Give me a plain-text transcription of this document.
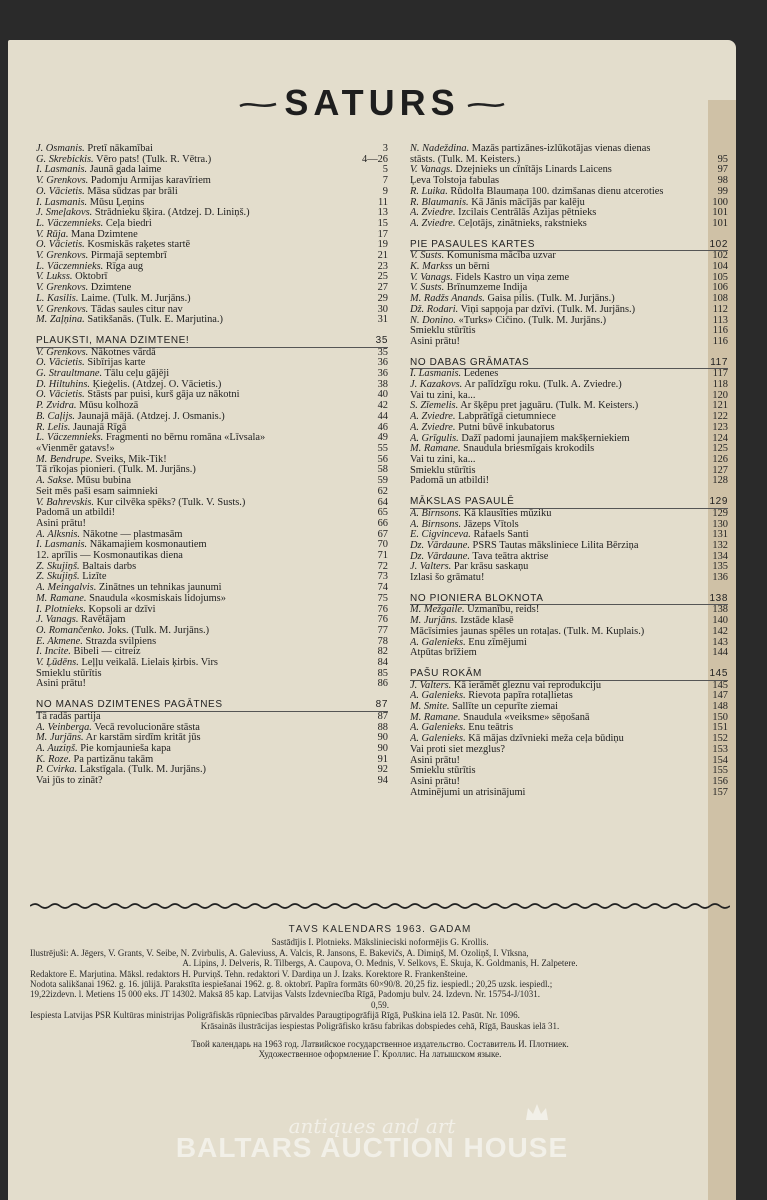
SATURS
J. Osmanis. Pretī nākamībai	3
G. Skrebickis. Vēro pats! (Tulk. R. Vētra.)	4—26
I. Lasmanis. Jaunā gada laime	5
V. Grenkovs. Padomju Armijas karavīriem	7
O. Vācietis. Māsa sūdzas par brāli	9
I. Lasmanis. Mūsu Ļeņins	11
J. Smeļakovs. Strādnieku šķira. (Atdzej. D. Liniņš.)	13
L. Väczemnieks. Ceļa biedri	15
V. Rūja. Mana Dzimtene	17
O. Vācietis. Kosmiskās raķetes startē	19
V. Grenkovs. Pirmajā septembrī	21
L. Väczemnieks. Rīga aug	23
V. Lukss. Oktobrī	25
V. Grenkovs. Dzimtene	27
L. Kasilis. Laime. (Tulk. M. Jurjāns.)	29
V. Grenkovs. Tādas saules citur nav	30
M. Zaļņina. Satikšanās. (Tulk. E. Marjutina.)	31
PLAUKSTI, MANA DZIMTENE!	35
V. Grenkovs. Nākotnes vārdā	35
O. Vācietis. Sibīrijas karte	36
G. Straultmane. Tālu ceļu gājēji	36
D. Hiltuhins. Ķieģelis. (Atdzej. O. Vācietis.)	38
O. Vācietis. Stāsts par puisi, kurš gāja uz nākotni	40
P. Zvidra. Mūsu kolhozā	42
B. Čaļijs. Jaunajā mājā. (Atdzej. J. Osmanis.)	44
R. Lelis. Jaunajā Rīgā	46
L. Väczemnieks. Fragmenti no bērnu romāna «Līvsala»	49
«Vienmēr gatavs!»	55
M. Bendrupe. Sveiks, Mik-Tik!	56
Tā rīkojas pionieri. (Tulk. M. Jurjāns.)	58
A. Sakse. Mūsu bubina	59
Šeit mēs paši esam saimnieki	62
V. Bahrevskis. Kur cilvēka spēks? (Tulk. V. Susts.)	64
Padomā un atbildi!	65
Asini prātu!	66
A. Alksnis. Nākotne — plastmasām	67
I. Lasmanis. Nākamajiem kosmonautiem	70
12. aprīlis — Kosmonautikas diena	71
Z. Skujiņš. Baltais darbs	72
Z. Skujiņš. Lizīte	73
A. Meingalvis. Zinātnes un tehnikas jaunumi	74
M. Ramane. Snaudula «kosmiskais lidojums»	75
I. Plotnieks. Kopsoli ar dzīvi	76
J. Vanags. Ravētājam	76
O. Romančenko. Joks. (Tulk. M. Jurjāns.)	77
E. Akmene. Strazda svilpiens	78
I. Incite. Bibeli — citreiz	82
V. Ļūdēns. Leļļu veikalā. Lielais ķirbis. Virs	84
Smieklu stūrītis	85
Asini prātu!	86
NO MANAS DZIMTENES PAGĀTNES	87
Tā radās partija	87
A. Veinberga. Vecā revolucionāre stāsta	88
M. Jurjāns. Ar karstām sirdīm kritāt jūs	90
A. Auziņš. Pie komjaunieša kapa	90
K. Roze. Pa partizānu takām	91
P. Cvirka. Lakstīgala. (Tulk. M. Jurjāns.)	92
Vai jūs to zināt?	94
N. Nadeždina. Mazās partizānes-izlūkotājas vienas dienas
stāsts. (Tulk. M. Keisters.)	95
V. Vanags. Dzejnieks un cīnītājs Linards Laicens	97
Ļeva Tolstoja fabulas	98
R. Luika. Rūdolfa Blaumaņa 100. dzimšanas dienu atceroties	99
R. Blaumanis. Kā Jānis mācījās par kalēju	100
A. Zviedre. Izcilais Centrālās Āzijas pētnieks	101
A. Zviedre. Ceļotājs, zinātnieks, rakstnieks	101
PIE PASAULES KARTES	102
V. Susts. Komunisma mācība uzvar	102
K. Markss un bērni	104
V. Vanags. Fidels Kastro un viņa zeme	105
V. Susts. Brīnumzeme Indija	106
M. Radžs Anands. Gaisa pilis. (Tulk. M. Jurjāns.)	108
Dž. Rodari. Viņi sapņoja par dzīvi. (Tulk. M. Jurjāns.)	112
N. Donino. «Turks» Čičino. (Tulk. M. Jurjāns.)	113
Smieklu stūrītis	116
Asini prātu!	116
NO DABAS GRĀMATAS	117
I. Lasmanis. Ledenes	117
J. Kazakovs. Ar palīdzīgu roku. (Tulk. A. Zviedre.)	118
Vai tu zini, ka...	120
S. Zīemelis. Ar šķēpu pret jaguāru. (Tulk. M. Keisters.)	121
A. Zviedre. Labprātīgā cietumniece	122
A. Zviedre. Putni būvē inkubatorus	123
A. Grīgulis. Dažī padomi jaunajiem makšķerniekiem	124
M. Ramane. Snaudula briesmīgais krokodils	125
Vai tu zini, ka...	126
Smieklu stūrītis	127
Padomā un atbildi!	128
MĀKSLAS PASAULĒ	129
A. Birnsons. Kā klausīties mūziku	129
A. Birnsons. Jāzeps Vītols	130
E. Cigvinceva. Rafaels Santi	131
Dz. Vārdaune. PSRS Tautas māksliniece Lilita Bērziņa	132
Dz. Vārdaune. Tava teātra aktrise	134
J. Valters. Par krāsu saskaņu	135
Izlasi šo grāmatu!	136
NO PIONIERA BLOKNOTA	138
M. Mežgaile. Uzmanību, reids!	138
M. Jurjāns. Izstāde klasē	140
Mācīsimies jaunas spēles un rotaļas. (Tulk. M. Kuplais.)	142
A. Galenieks. Ēnu zīmējumi	143
Atpūtas brīžiem	144
PAŠU ROKĀM	145
J. Valters. Kā ierāmēt gleznu vai reprodukciju	145
A. Galenieks. Rievota papīra rotaļlietas	147
M. Smite. Sallīte un cepurīte ziemai	148
M. Ramane. Snaudula «veiksme» sēņošanā	150
A. Galenieks. Ēnu teātris	151
A. Galenieks. Kā mājas dzīvnieki meža ceļa būdiņu	152
Vai proti siet mezglus?	153
Asini prātu!	154
Smieklu stūrītis	155
Asini prātu!	156
Atminējumi un atrisinājumi	157
TĀVS KALENDĀRS 1963. GADAM
Sastādījis I. Plotnieks. Mākslinieciski noformējis G. Krollis.
Ilustrējuši: A. Jēgers, V. Grants, V. Seibe, N. Zvirbulis, A. Galeviuss, A. Valcis, R. Jansons, E. Bakevičs, A. Dimiņš, M. Ozoliņš, I. Vīksna,
A. Lipins, J. Delveris, R. Tilbergs, A. Caupova, O. Mednis, V. Selkovs, E. Skuja, K. Goldmanis, H. Zalpetere.
Redaktore E. Marjutina. Māksl. redaktors H. Purviņš. Tehn. redaktori V. Dardiņa un J. Izaks. Korektore R. Frankenšteine.
Nodota salikšanai 1962. g. 16. jūlijā. Parakstīta iespiešanai 1962. g. 8. oktobrī. Papīra formāts 60×90/8. 20,25 fiz. iespiedl.; 20,25 uzsk. iespiedl.;
19,22izdevn. l. Metiens 15 000 eks. JT 14302. Maksā 85 kap. Latvijas Valsts Izdevniecība Rīgā, Padomju bulv. 24. Izdevn. Nr. 15754-J/1031.
0,59.
Iespiesta Latvijas PSR Kultūras ministrijas Poligrāfiskās rūpniecības pārvaldes Paraugtipogrāfijā Rīgā, Puškina ielā 12. Pasūt. Nr. 1096.
Krāsainās ilustrācijas iespiestas Poligrāfisko krāsu fabrikas dobspiedes cehā, Rīgā, Bauskas ielā 31.
Твой календарь на 1963 год. Латвийское государственное издательство. Составитель И. Плотниек.
Художественное оформление Г. Кроллис. На латышском языке.
antiques and art
BALTARS AUCTION HOUSE
